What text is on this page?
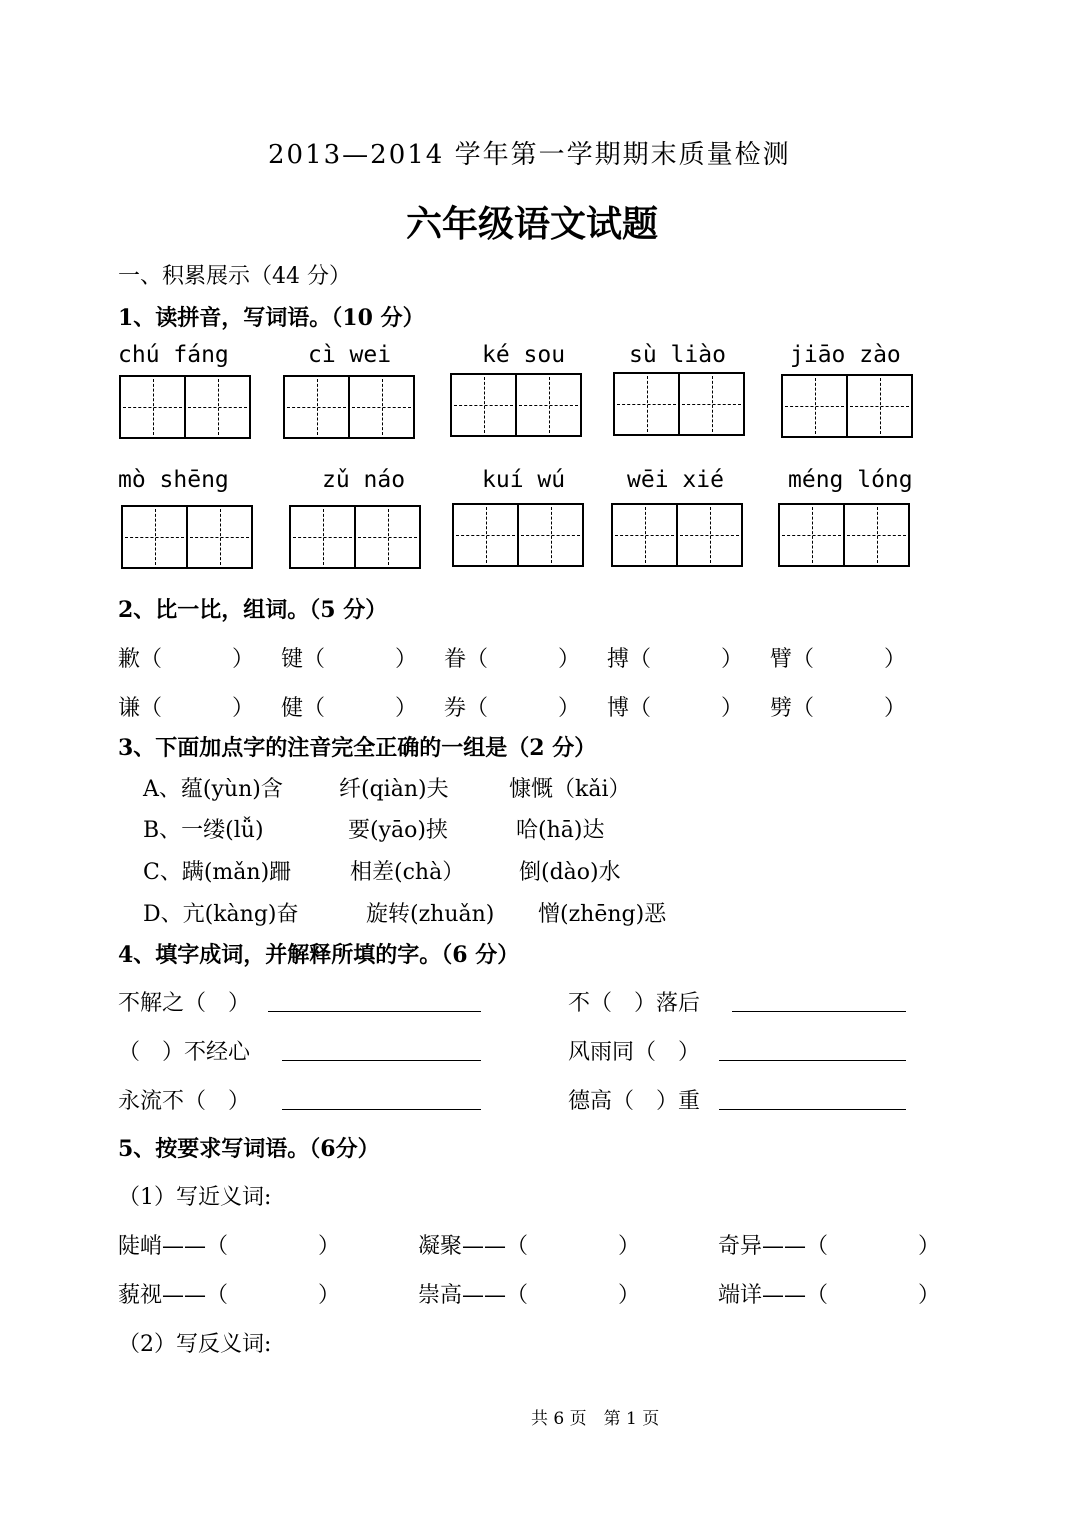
2013—2014 学年第一学期期末质量检测
六年级语文试题
一、积累展示（44 分）
1、读拼音，写词语。（10 分）
chú fáng	cì wei	ké sou	sù liào	jiāo zào
mò shēng	zǔ náo	kuí wú	wēi xié	méng lóng
2、比一比，组词。（5 分）
歉（	） 键（	） 眷（	） 搏（	） 臂（	）
谦（	） 健（	） 券（	） 博（	） 劈（	）
3、下面加点字的注音完全正确的一组是（2 分）
A、蕴(yùn)含	纤(qiàn)夫	慷慨（kǎi）
B、一缕(lǚ)	要(yāo)挟	哈(hā)达
C、蹒(mǎn)跚	相差(chà） 倒(dào)水
D、亢(kàng)奋	旋转(zhuǎn) 憎(zhēng)恶
4、填字成词，并解释所填的字。（6 分）
不解之（　）	不（　）落后
（　）不经心	风雨同（　）
永流不（　）	德高（　）重
5、按要求写词语。（6分）
（1）写近义词:
陡峭——（	）	凝聚——（	）	奇异——（	）
藐视——（	）	崇高——（	）	端详——（	）
（2）写反义词:
共 6 页　第 1 页
